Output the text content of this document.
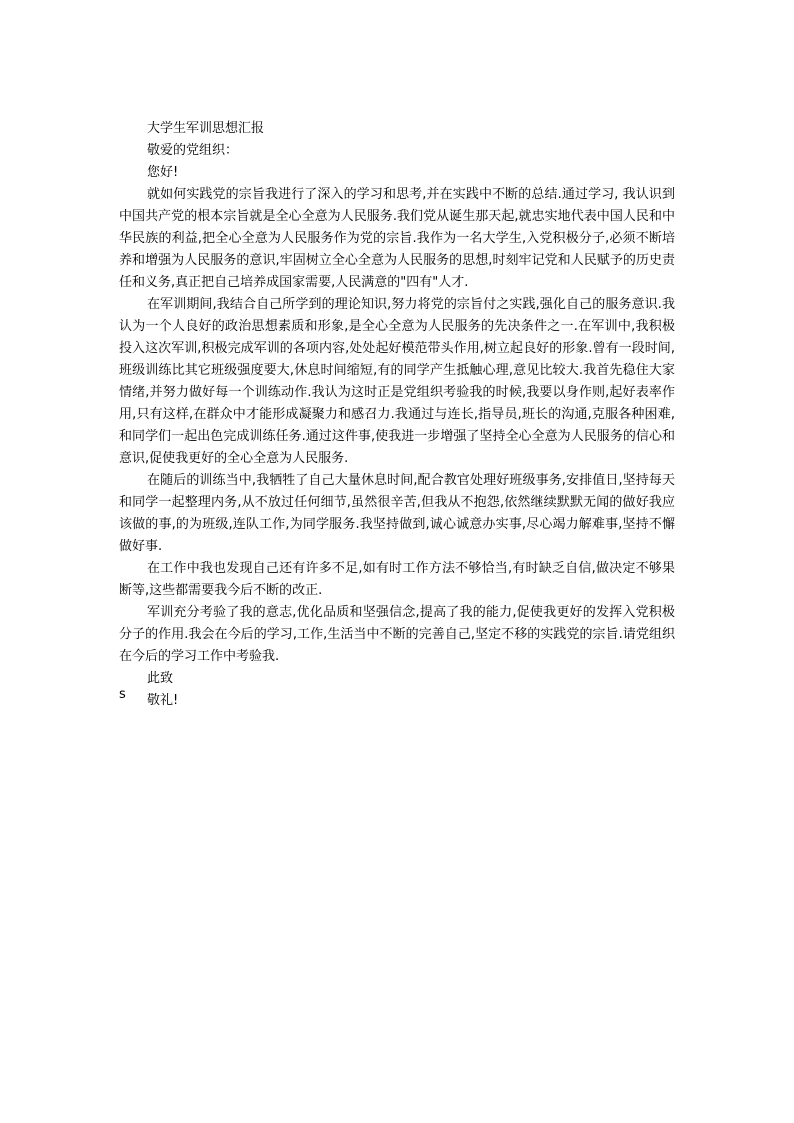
大学生军训思想汇报

敬爱的党组织：

您好!

就如何实践党的宗旨我进行了深入的学习和思考,并在实践中不断的总结.通过学习, 我认识到中国共产党的根本宗旨就是全心全意为人民服务.我们党从诞生那天起,就忠实地代表中国人民和中华民族的利益,把全心全意为人民服务作为党的宗旨.我作为一名大学生,入党积极分子,必须不断培养和增强为人民服务的意识,牢固树立全心全意为人民服务的思想,时刻牢记党和人民赋予的历史责任和义务,真正把自己培养成国家需要,人民满意的"四有"人才.

在军训期间,我结合自己所学到的理论知识,努力将党的宗旨付之实践,强化自己的服务意识.我认为一个人良好的政治思想素质和形象,是全心全意为人民服务的先决条件之一.在军训中,我积极投入这次军训,积极完成军训的各项内容,处处起好模范带头作用,树立起良好的形象.曾有一段时间,班级训练比其它班级强度要大,休息时间缩短,有的同学产生抵触心理,意见比较大.我首先稳住大家情绪,并努力做好每一个训练动作.我认为这时正是党组织考验我的时候,我要以身作则,起好表率作用,只有这样,在群众中才能形成凝聚力和感召力.我通过与连长,指导员,班长的沟通,克服各种困难,和同学们一起出色完成训练任务.通过这件事,使我进一步增强了坚持全心全意为人民服务的信心和意识,促使我更好的全心全意为人民服务.

在随后的训练当中,我牺牲了自己大量休息时间,配合教官处理好班级事务,安排值日,坚持每天和同学一起整理内务,从不放过任何细节,虽然很辛苦,但我从不抱怨,依然继续默默无闻的做好我应该做的事,的为班级,连队工作,为同学服务.我坚持做到,诚心诚意办实事,尽心竭力解难事,坚持不懈做好事.

在工作中我也发现自己还有许多不足,如有时工作方法不够恰当,有时缺乏自信,做决定不够果断等,这些都需要我今后不断的改正.

军训充分考验了我的意志,优化品质和坚强信念,提高了我的能力,促使我更好的发挥入党积极分子的作用.我会在今后的学习,工作,生活当中不断的完善自己,坚定不移的实践党的宗旨.请党组织在今后的学习工作中考验我.

此致

敬礼!

s
